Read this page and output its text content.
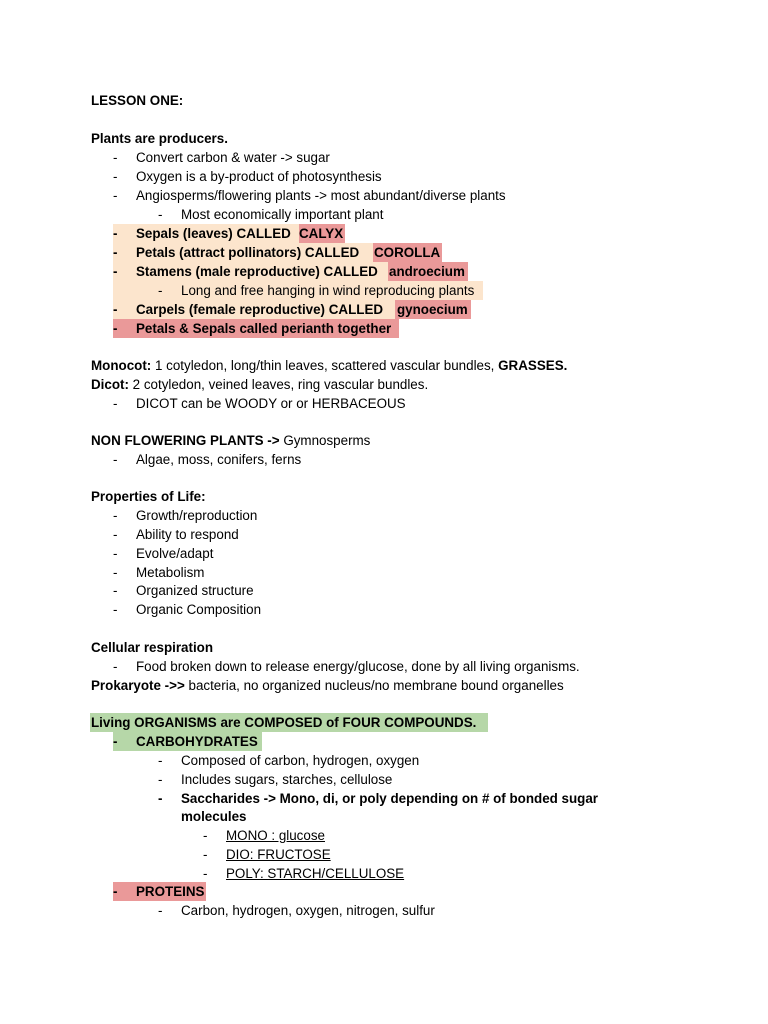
LESSON ONE:
Plants are producers.
- Convert carbon & water -> sugar
- Oxygen is a by-product of photosynthesis
- Angiosperms/flowering plants -> most abundant/diverse plants
- Most economically important plant
- Sepals (leaves) CALLED CALYX
- Petals (attract pollinators) CALLED COROLLA
- Stamens (male reproductive) CALLED androecium
- Long and free hanging in wind reproducing plants
- Carpels (female reproductive) CALLED gynoecium
- Petals & Sepals called perianth together
Monocot: 1 cotyledon, long/thin leaves, scattered vascular bundles, GRASSES.
Dicot: 2 cotyledon, veined leaves, ring vascular bundles.
- DICOT can be WOODY or or HERBACEOUS
NON FLOWERING PLANTS -> Gymnosperms
- Algae, moss, conifers, ferns
Properties of Life:
- Growth/reproduction
- Ability to respond
- Evolve/adapt
- Metabolism
- Organized structure
- Organic Composition
Cellular respiration
- Food broken down to release energy/glucose, done by all living organisms.
Prokaryote ->> bacteria, no organized nucleus/no membrane bound organelles
Living ORGANISMS are COMPOSED of FOUR COMPOUNDS.
- CARBOHYDRATES
- Composed of carbon, hydrogen, oxygen
- Includes sugars, starches, cellulose
- Saccharides -> Mono, di, or poly depending on # of bonded sugar
molecules
- MONO : glucose
- DIO: FRUCTOSE
- POLY: STARCH/CELLULOSE
- PROTEINS
- Carbon, hydrogen, oxygen, nitrogen, sulfur
